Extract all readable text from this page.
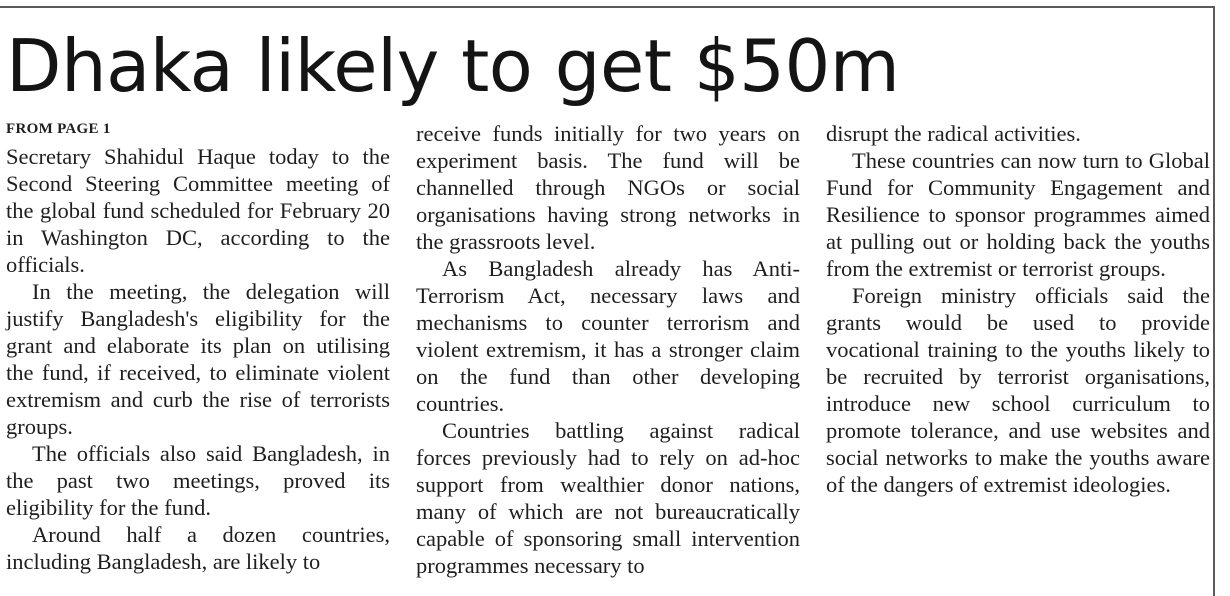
Dhaka likely to get $50m
FROM PAGE 1

Secretary Shahidul Haque today to the Second Steering Committee meeting of the global fund scheduled for February 20 in Washington DC, according to the officials.

In the meeting, the delegation will justify Bangladesh's eligibility for the grant and elaborate its plan on utilising the fund, if received, to eliminate violent extremism and curb the rise of terrorists groups.

The officials also said Bangladesh, in the past two meetings, proved its eligibility for the fund.

Around half a dozen countries, including Bangladesh, are likely to

receive funds initially for two years on experiment basis. The fund will be channelled through NGOs or social organisations having strong networks in the grassroots level.

As Bangladesh already has Anti-Terrorism Act, necessary laws and mechanisms to counter terrorism and violent extremism, it has a stronger claim on the fund than other developing countries.

Countries battling against radical forces previously had to rely on ad-hoc support from wealthier donor nations, many of which are not bureaucratically capable of sponsoring small intervention programmes necessary to

disrupt the radical activities.

These countries can now turn to Global Fund for Community Engagement and Resilience to sponsor programmes aimed at pulling out or holding back the youths from the extremist or terrorist groups.

Foreign ministry officials said the grants would be used to provide vocational training to the youths likely to be recruited by terrorist organisations, introduce new school curriculum to promote tolerance, and use websites and social networks to make the youths aware of the dangers of extremist ideologies.
